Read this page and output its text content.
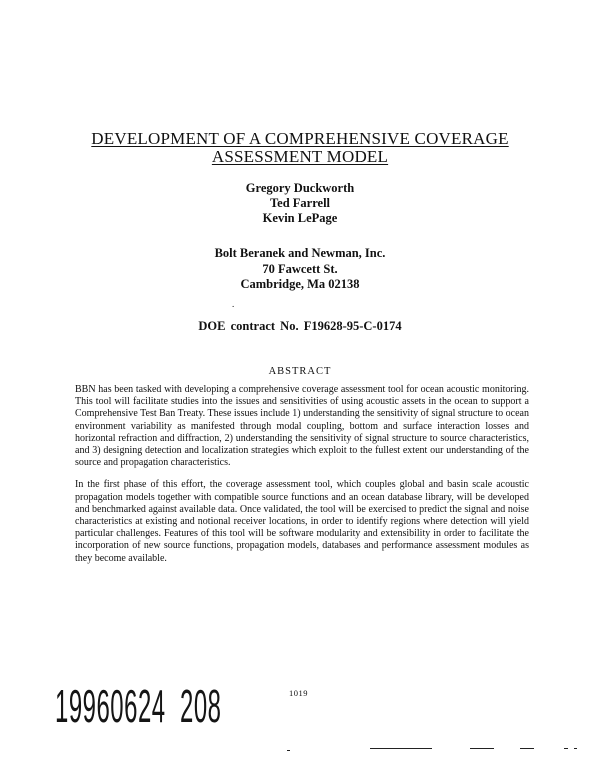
DEVELOPMENT OF A COMPREHENSIVE COVERAGE
ASSESSMENT MODEL
Gregory Duckworth
Ted Farrell
Kevin LePage
Bolt Beranek and Newman, Inc.
70 Fawcett St.
Cambridge, Ma 02138
.
DOE contract No. F19628-95-C-0174
ABSTRACT

BBN has been tasked with developing a comprehensive coverage assessment tool for ocean acoustic monitoring. This tool will facilitate studies into the issues and sensitivities of using acoustic assets in the ocean to support a Comprehensive Test Ban Treaty. These issues include 1) understanding the sensitivity of signal structure to ocean environment variability as manifested through modal coupling, bottom and surface interaction losses and horizontal refraction and diffraction, 2) understanding the sensitivity of signal structure to source characteristics, and 3) designing detection and localization strategies which exploit to the fullest extent our understanding of the source and propagation characteristics.

In the first phase of this effort, the coverage assessment tool, which couples global and basin scale acoustic propagation models together with compatible source functions and an ocean database library, will be developed and benchmarked against available data. Once validated, the tool will be exercised to predict the signal and noise characteristics at existing and notional receiver locations, in order to identify regions where detection will yield particular challenges. Features of this tool will be software modularity and extensibility in order to facilitate the incorporation of new source functions, propagation models, databases and performance assessment modules as they become available.

1019
19960624 208
